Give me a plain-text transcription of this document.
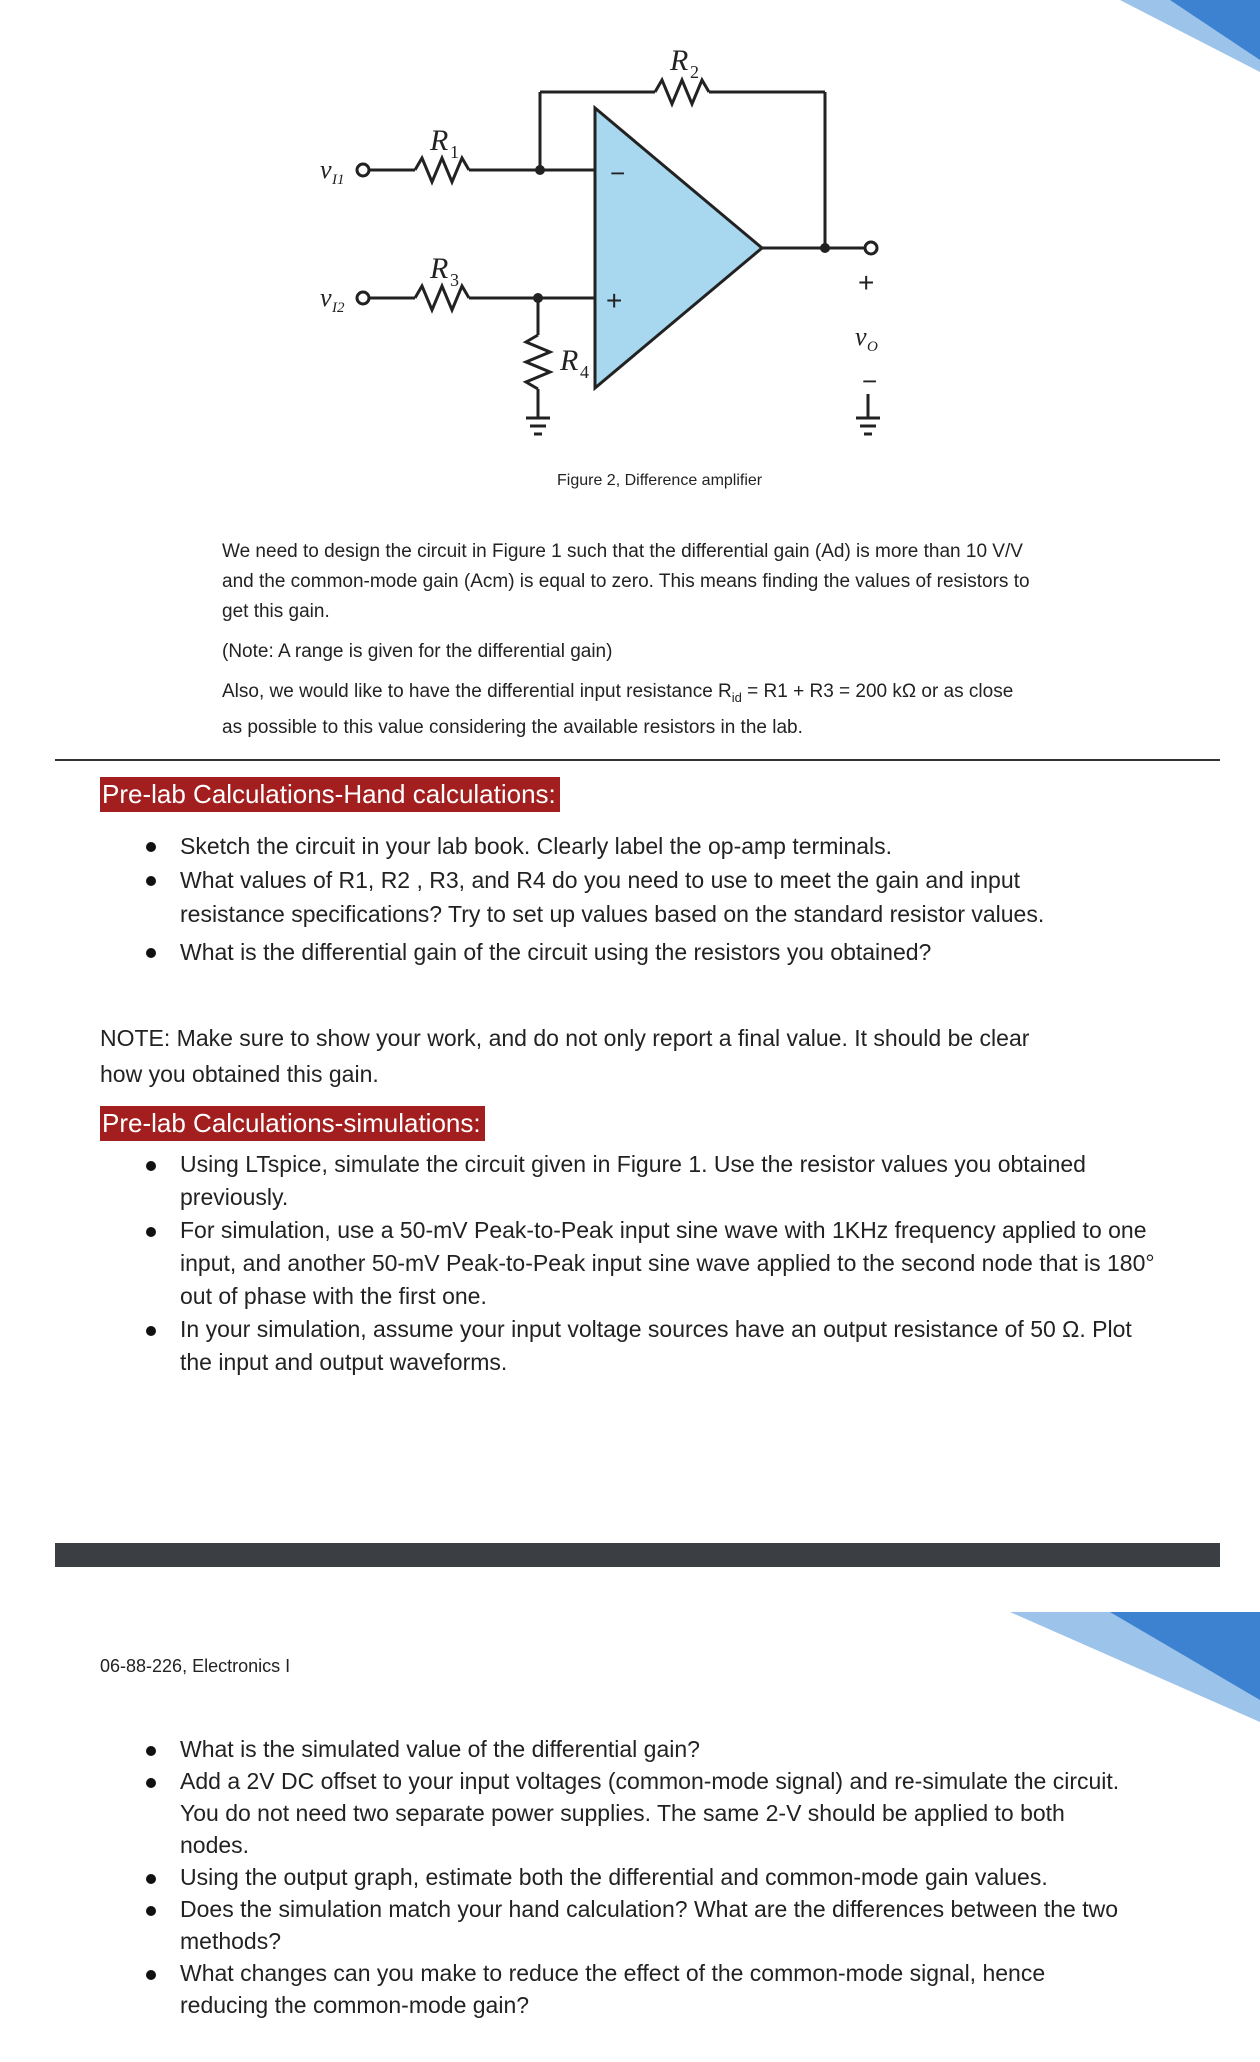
R 1
R 2
R 3
R 4
v I1
v I2
v O
−
+
+
−
Figure 2, Difference amplifier

We need to design the circuit in Figure 1 such that the differential gain (Ad) is more than 10 V/V and the common-mode gain (Acm) is equal to zero. This means finding the values of resistors to get this gain.

(Note: A range is given for the differential gain)

Also, we would like to have the differential input resistance $R_{id} = R1 + R3 = 200$ kΩ or as close as possible to this value considering the available resistors in the lab.

Pre-lab Calculations-Hand calculations:
Sketch the circuit in your lab book. Clearly label the op-amp terminals.
What values of R1, R2 , R3, and R4 do you need to use to meet the gain and input resistance specifications? Try to set up values based on the standard resistor values.
What is the differential gain of the circuit using the resistors you obtained?
NOTE: Make sure to show your work, and do not only report a final value. It should be clear how you obtained this gain.
Pre-lab Calculations-simulations:
Using LTspice, simulate the circuit given in Figure 1. Use the resistor values you obtained previously.
For simulation, use a 50-mV Peak-to-Peak input sine wave with 1KHz frequency applied to one input, and another 50-mV Peak-to-Peak input sine wave applied to the second node that is 180° out of phase with the first one.
In your simulation, assume your input voltage sources have an output resistance of 50 Ω. Plot the input and output waveforms.
06-88-226, Electronics I
What is the simulated value of the differential gain?
Add a 2V DC offset to your input voltages (common-mode signal) and re-simulate the circuit. You do not need two separate power supplies. The same 2-V should be applied to both nodes.
Using the output graph, estimate both the differential and common-mode gain values.
Does the simulation match your hand calculation? What are the differences between the two methods?
What changes can you make to reduce the effect of the common-mode signal, hence reducing the common-mode gain?
